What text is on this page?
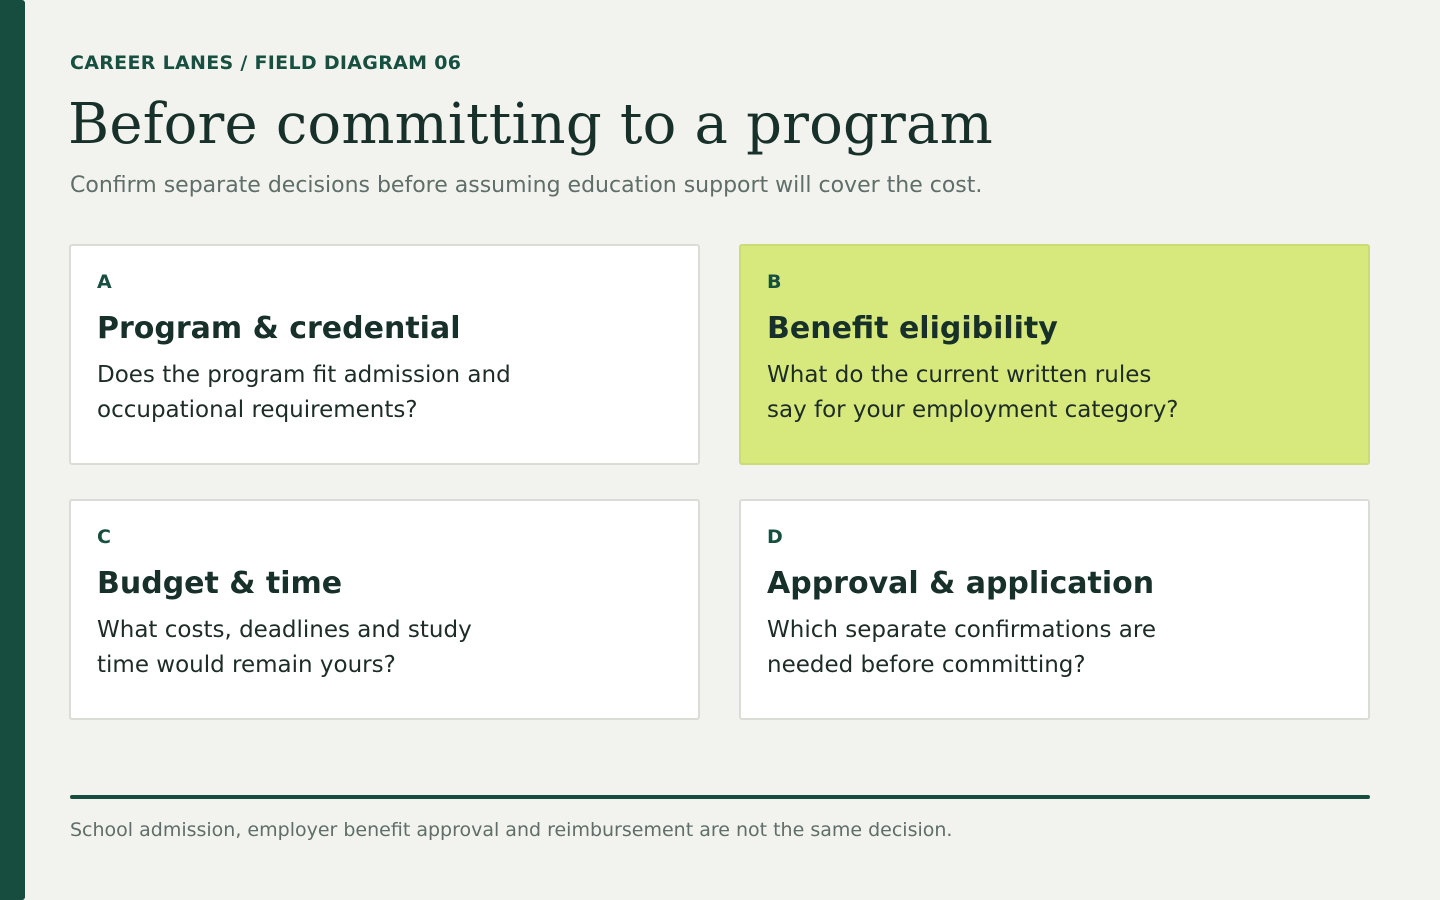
CAREER LANES / FIELD DIAGRAM 06
Before committing to a program
Confirm separate decisions before assuming education support will cover the cost.
A
Program & credential
Does the program fit admission and occupational requirements?
B
Benefit eligibility
What do the current written rules say for your employment category?
C
Budget & time
What costs, deadlines and study time would remain yours?
D
Approval & application
Which separate confirmations are needed before committing?
School admission, employer benefit approval and reimbursement are not the same decision.
